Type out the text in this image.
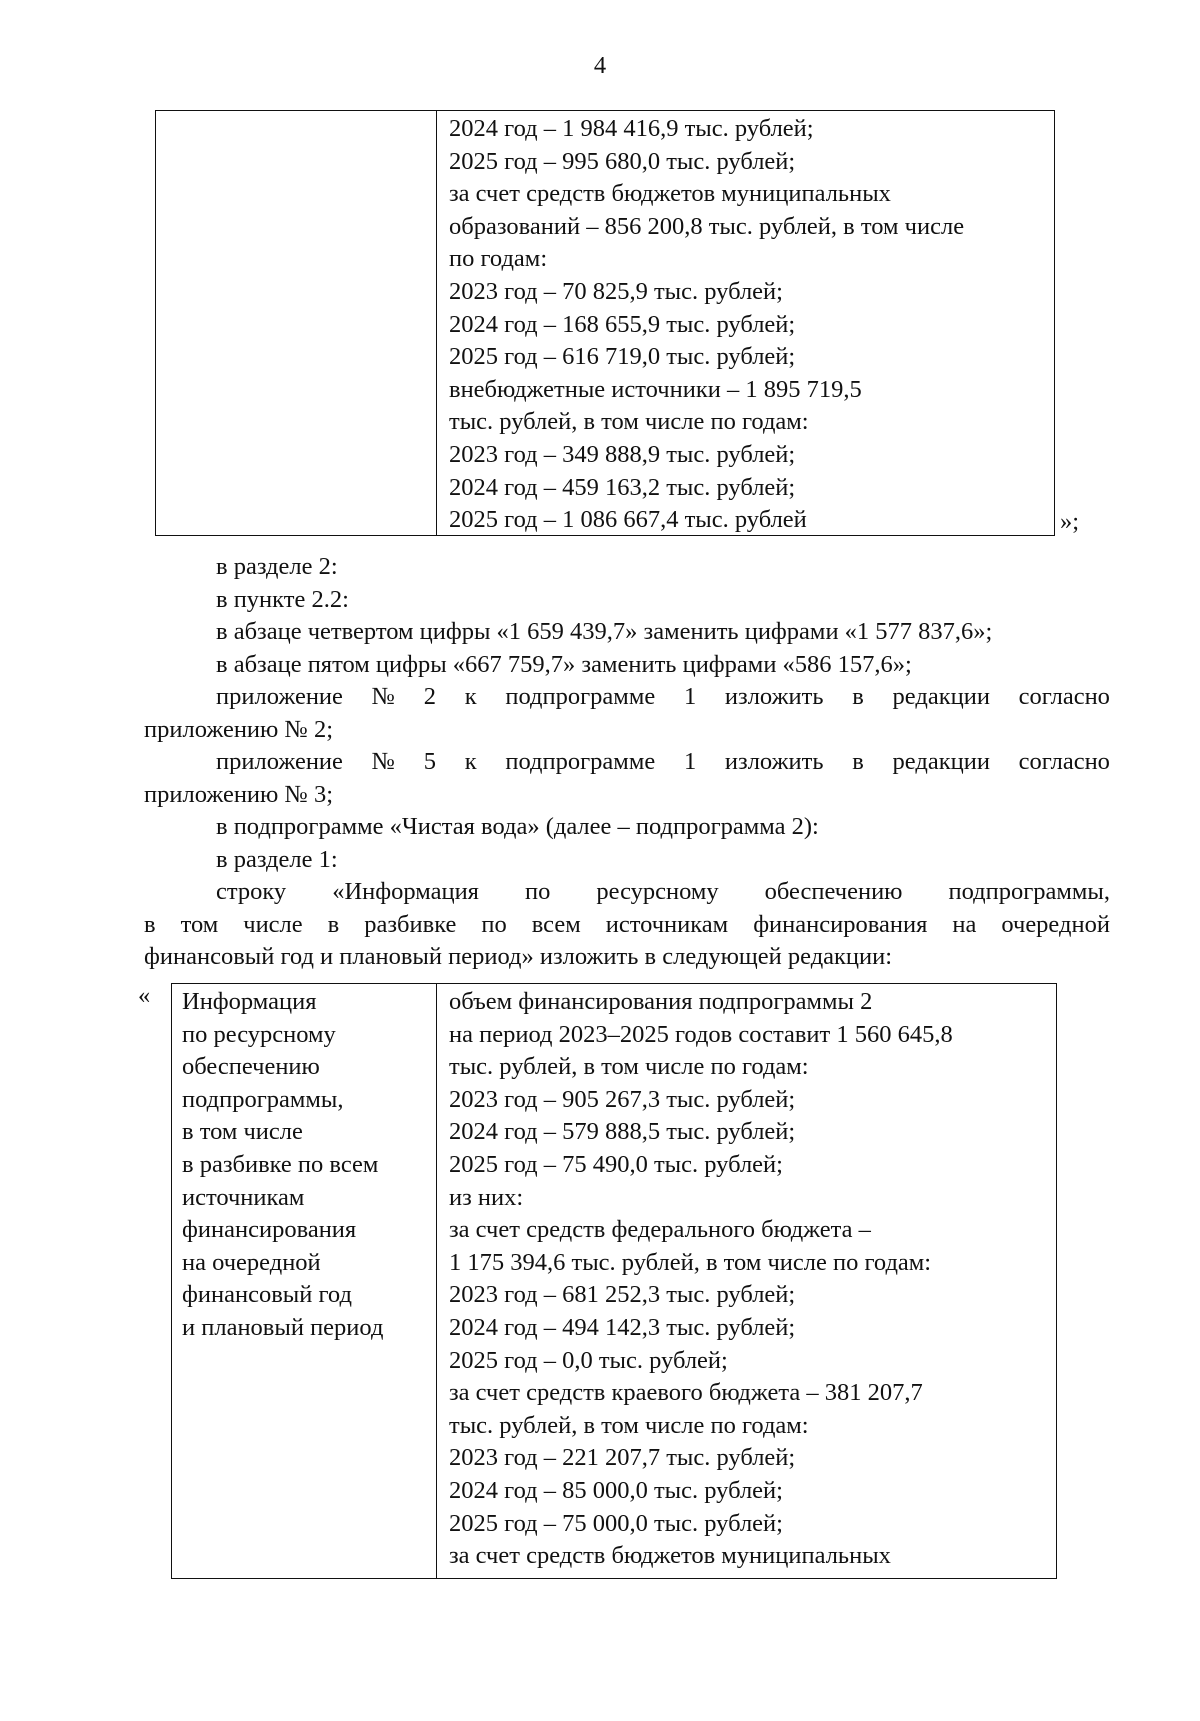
4
2024 год – 1 984 416,9 тыс. рублей;
2025 год – 995 680,0 тыс. рублей;
за счет средств бюджетов муниципальных
образований – 856 200,8 тыс. рублей, в том числе
по годам:
2023 год – 70 825,9 тыс. рублей;
2024 год – 168 655,9 тыс. рублей;
2025 год – 616 719,0 тыс. рублей;
внебюджетные источники – 1 895 719,5
тыс. рублей, в том числе по годам:
2023 год – 349 888,9 тыс. рублей;
2024 год – 459 163,2 тыс. рублей;
2025 год – 1 086 667,4 тыс. рублей	»;
в разделе 2:
в пункте 2.2:
в абзаце четвертом цифры «1 659 439,7» заменить цифрами «1 577 837,6»;
в абзаце пятом цифры «667 759,7» заменить цифрами «586 157,6»;
приложение № 2 к подпрограмме 1 изложить в редакции согласно
приложению № 2;
приложение № 5 к подпрограмме 1 изложить в редакции согласно
приложению № 3;
в подпрограмме «Чистая вода» (далее – подпрограмма 2):
в разделе 1:
строку «Информация по ресурсному обеспечению подпрограммы,
в том числе в разбивке по всем источникам финансирования на очередной
финансовый год и плановый период» изложить в следующей редакции:
« Информация
по ресурсному
обеспечению
подпрограммы,
в том числе
в разбивке по всем
источникам
финансирования
на очередной
финансовый год
и плановый период
объем финансирования подпрограммы 2
на период 2023–2025 годов составит 1 560 645,8
тыс. рублей, в том числе по годам:
2023 год – 905 267,3 тыс. рублей;
2024 год – 579 888,5 тыс. рублей;
2025 год – 75 490,0 тыс. рублей;
из них:
за счет средств федерального бюджета –
1 175 394,6 тыс. рублей, в том числе по годам:
2023 год – 681 252,3 тыс. рублей;
2024 год – 494 142,3 тыс. рублей;
2025 год – 0,0 тыс. рублей;
за счет средств краевого бюджета – 381 207,7
тыс. рублей, в том числе по годам:
2023 год – 221 207,7 тыс. рублей;
2024 год – 85 000,0 тыс. рублей;
2025 год – 75 000,0 тыс. рублей;
за счет средств бюджетов муниципальных
